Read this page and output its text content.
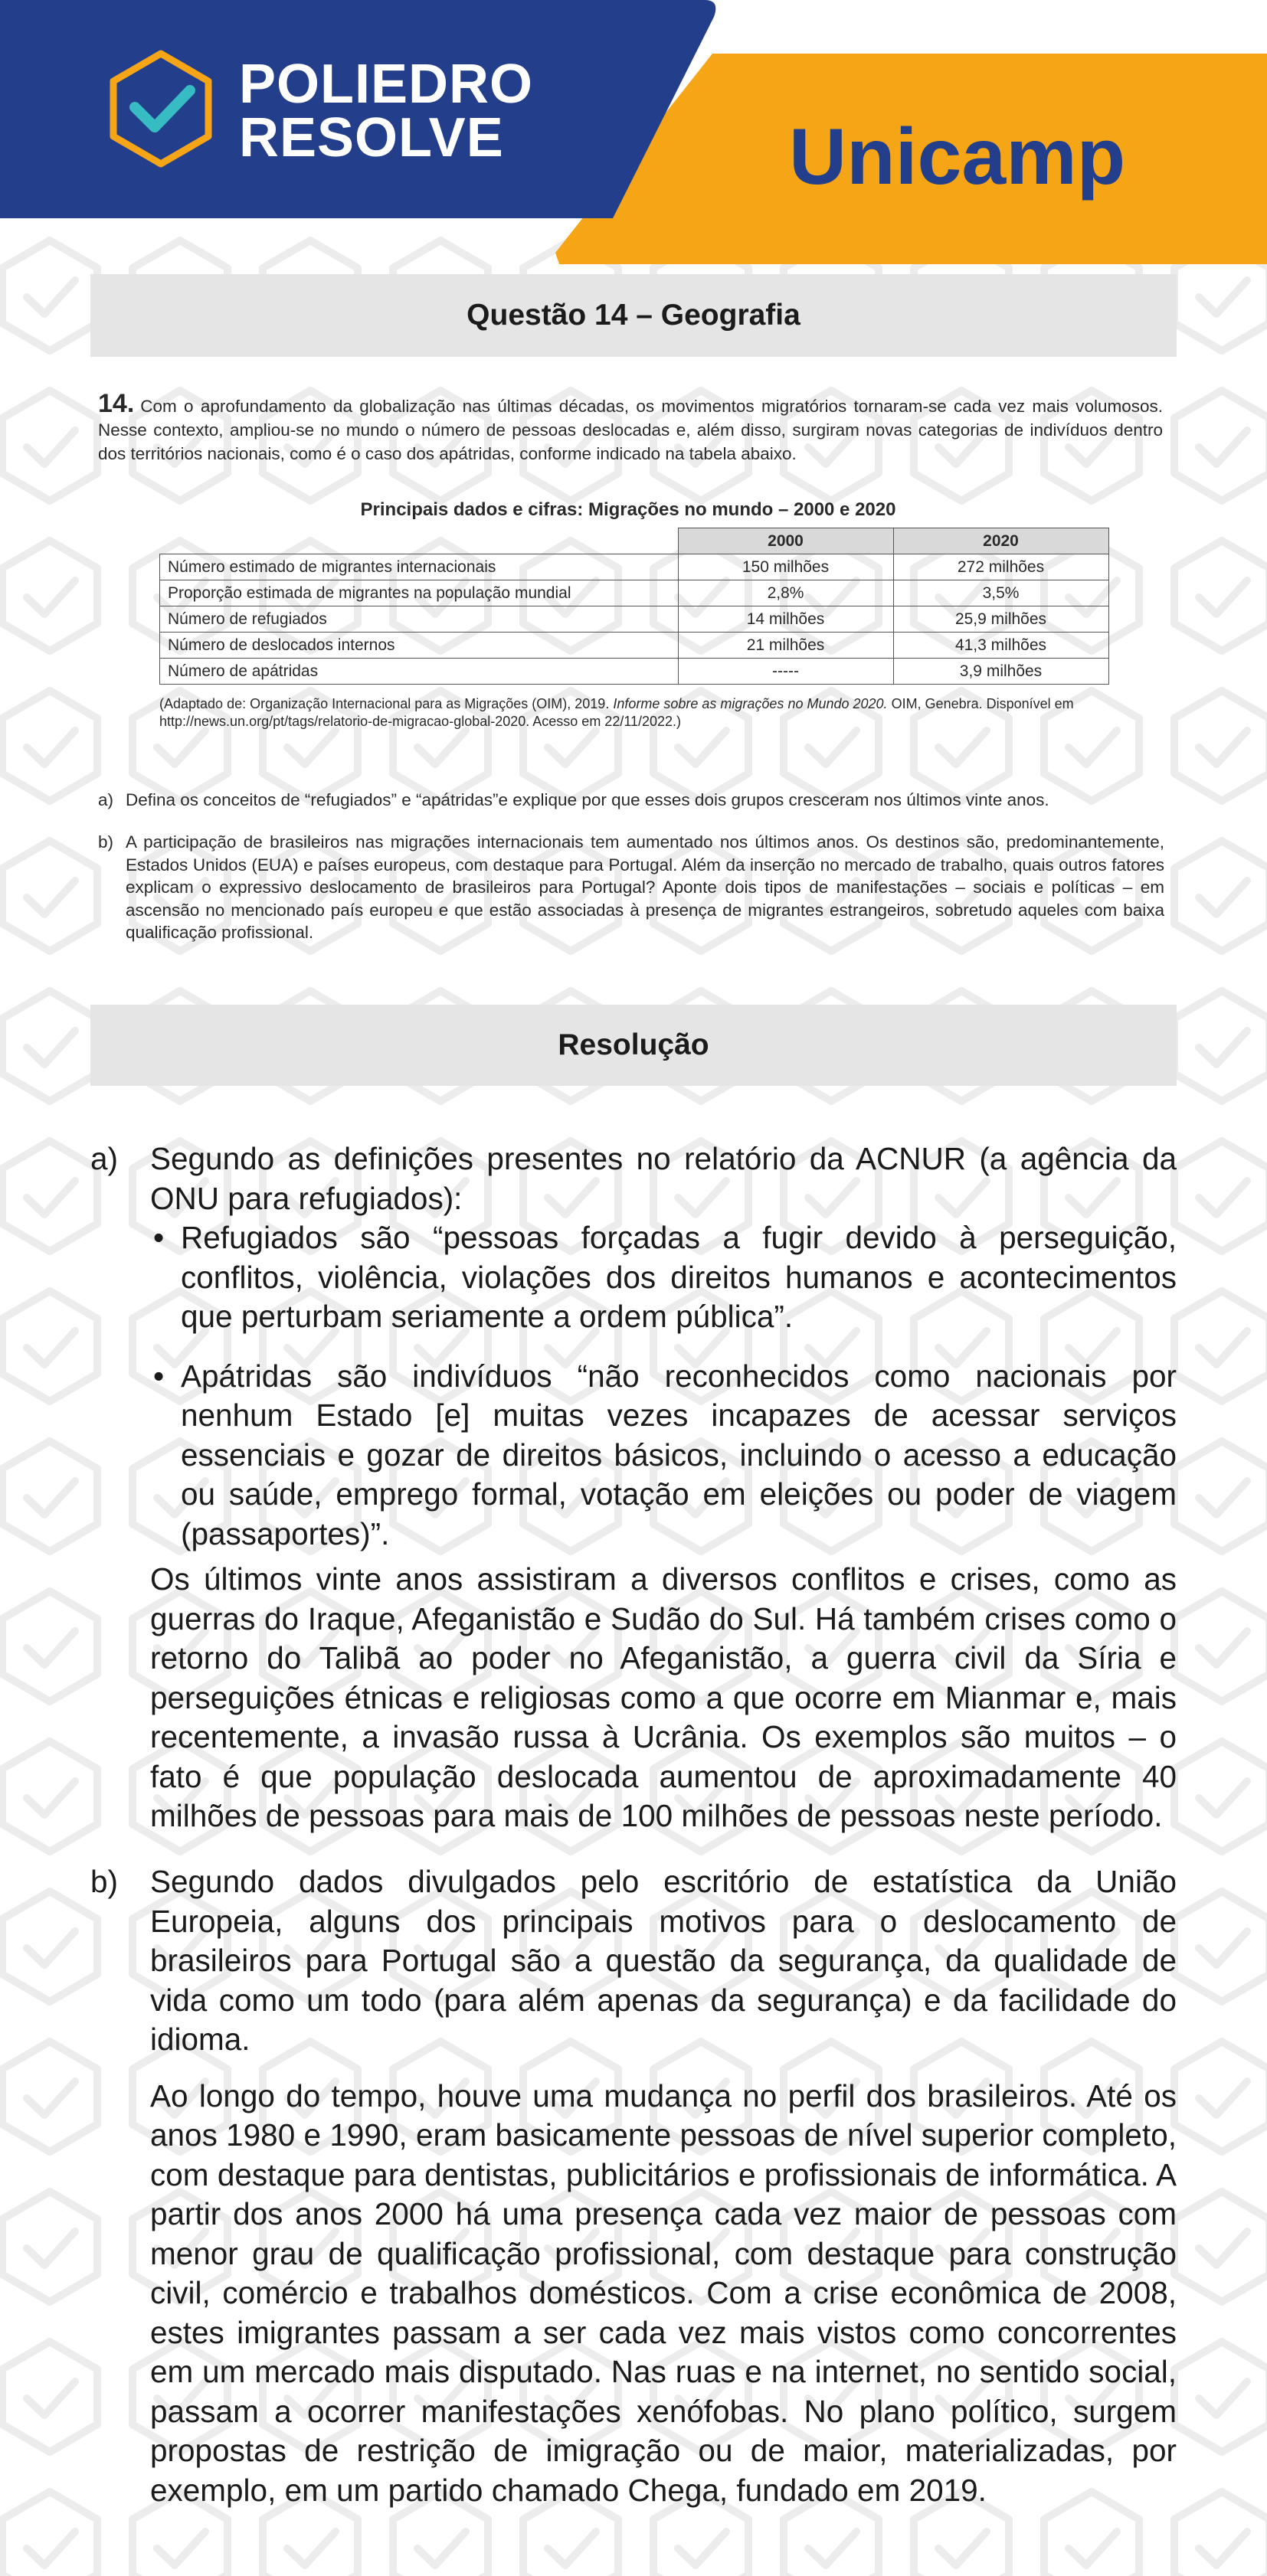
POLIEDRO
RESOLVE	Unicamp
Questão 14 – Geografia
14. Com o aprofundamento da globalização nas últimas décadas, os movimentos migratórios tornaram-se cada vez mais volumosos. Nesse contexto, ampliou-se no mundo o número de pessoas deslocadas e, além disso, surgiram novas categorias de indivíduos dentro dos territórios nacionais, como é o caso dos apátridas, conforme indicado na tabela abaixo.
Principais dados e cifras: Migrações no mundo – 2000 e 2020
	2000	2020
Número estimado de migrantes internacionais	150 milhões	272 milhões
Proporção estimada de migrantes na população mundial	2,8%	3,5%
Número de refugiados	14 milhões	25,9 milhões
Número de deslocados internos	21 milhões	41,3 milhões
Número de apátridas	-----	3,9 milhões
(Adaptado de: Organização Internacional para as Migrações (OIM), 2019. Informe sobre as migrações no Mundo 2020. OIM, Genebra. Disponível em http://news.un.org/pt/tags/relatorio-de-migracao-global-2020. Acesso em 22/11/2022.)
a) Defina os conceitos de “refugiados” e “apátridas”e explique por que esses dois grupos cresceram nos últimos vinte anos.
b) A participação de brasileiros nas migrações internacionais tem aumentado nos últimos anos. Os destinos são, predominantemente, Estados Unidos (EUA) e países europeus, com destaque para Portugal. Além da inserção no mercado de trabalho, quais outros fatores explicam o expressivo deslocamento de brasileiros para Portugal? Aponte dois tipos de manifestações – sociais e políticas – em ascensão no mencionado país europeu e que estão associadas à presença de migrantes estrangeiros, sobretudo aqueles com baixa qualificação profissional.
Resolução
a) Segundo as definições presentes no relatório da ACNUR (a agência da ONU para refugiados):

• Refugiados são “pessoas forçadas a fugir devido à perseguição, conflitos, violência, violações dos direitos humanos e acontecimentos que perturbam seriamente a ordem pública”.

• Apátridas são indivíduos “não reconhecidos como nacionais por nenhum Estado [e] muitas vezes incapazes de acessar serviços essenciais e gozar de direitos básicos, incluindo o acesso a educação ou saúde, emprego formal, votação em eleições ou poder de viagem (passaportes)”.

Os últimos vinte anos assistiram a diversos conflitos e crises, como as guerras do Iraque, Afeganistão e Sudão do Sul. Há também crises como o retorno do Talibã ao poder no Afeganistão, a guerra civil da Síria e perseguições étnicas e religiosas como a que ocorre em Mianmar e, mais recentemente, a invasão russa à Ucrânia. Os exemplos são muitos – o fato é que população deslocada aumentou de aproximadamente 40 milhões de pessoas para mais de 100 milhões de pessoas neste período.

b) Segundo dados divulgados pelo escritório de estatística da União Europeia, alguns dos principais motivos para o deslocamento de brasileiros para Portugal são a questão da segurança, da qualidade de vida como um todo (para além apenas da segurança) e da facilidade do idioma.

Ao longo do tempo, houve uma mudança no perfil dos brasileiros. Até os anos 1980 e 1990, eram basicamente pessoas de nível superior completo, com destaque para dentistas, publicitários e profissionais de informática. A partir dos anos 2000 há uma presença cada vez maior de pessoas com menor grau de qualificação profissional, com destaque para construção civil, comércio e trabalhos domésticos. Com a crise econômica de 2008, estes imigrantes passam a ser cada vez mais vistos como concorrentes em um mercado mais disputado. Nas ruas e na internet, no sentido social, passam a ocorrer manifestações xenófobas. No plano político, surgem propostas de restrição de imigração ou de maior, materializadas, por exemplo, em um partido chamado Chega, fundado em 2019.
